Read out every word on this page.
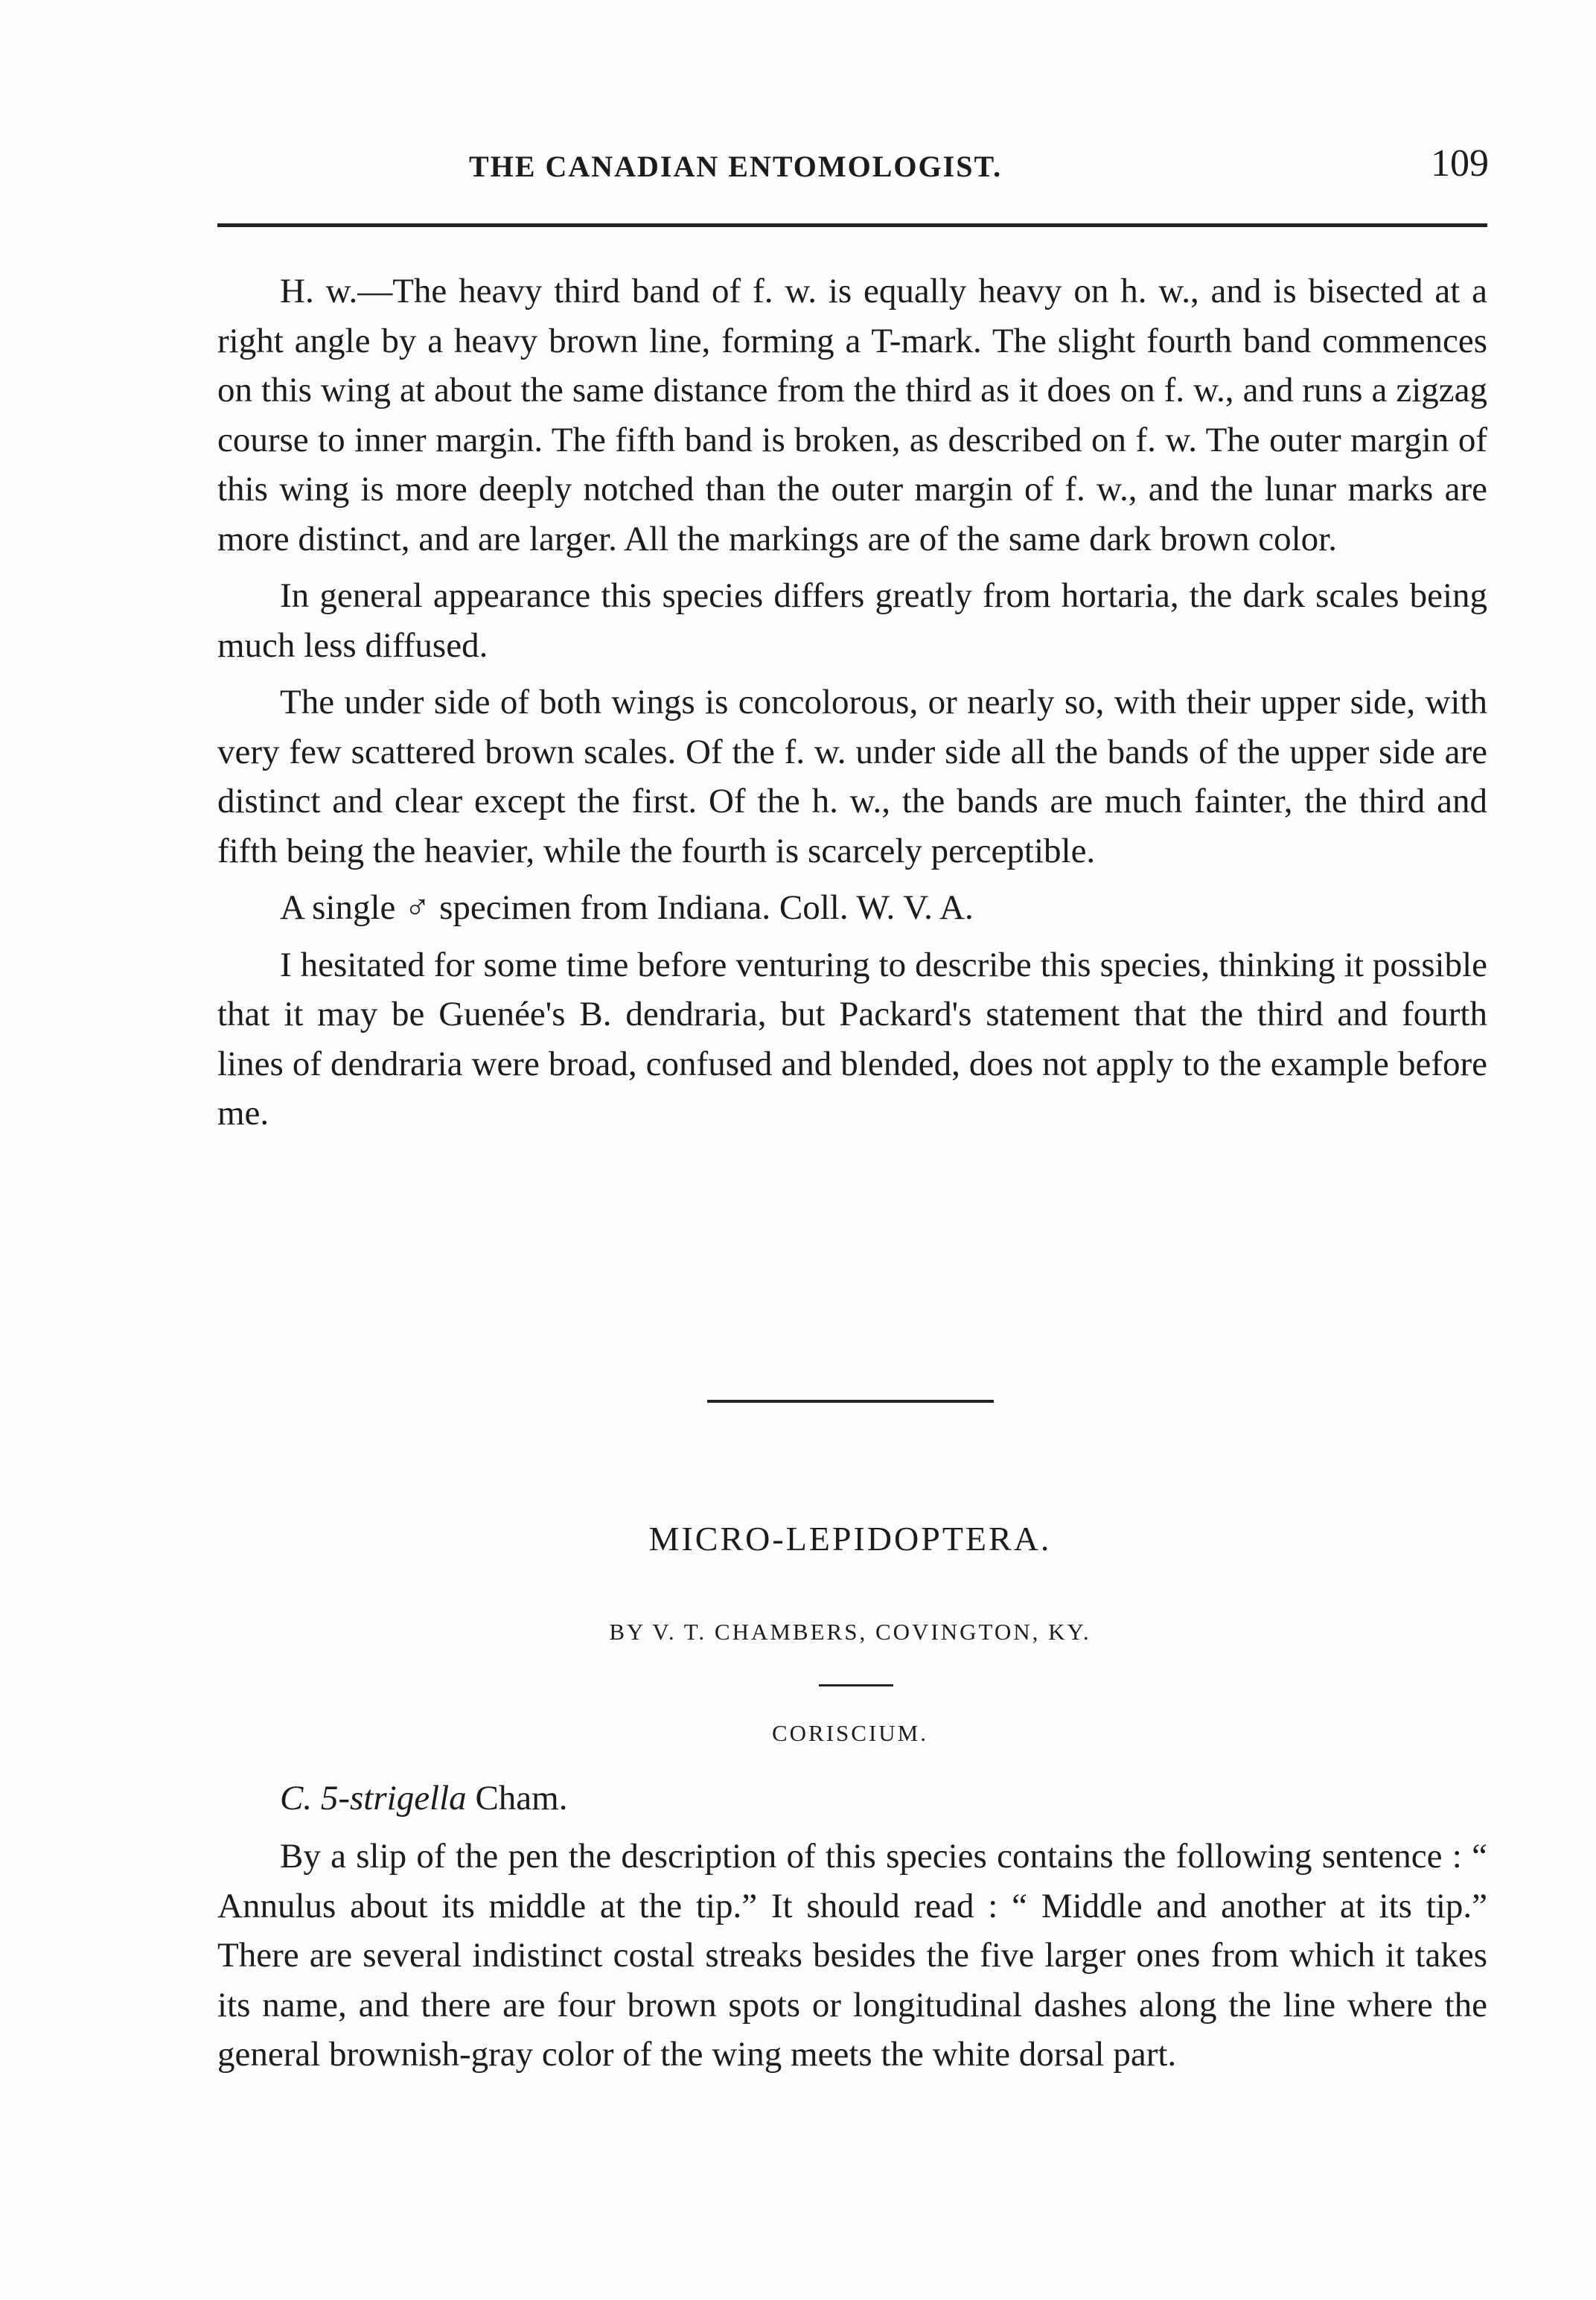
THE CANADIAN ENTOMOLOGIST.	109

H. w.—The heavy third band of f. w. is equally heavy on h. w., and is bisected at a right angle by a heavy brown line, forming a T-mark. The slight fourth band commences on this wing at about the same distance from the third as it does on f. w., and runs a zigzag course to inner margin. The fifth band is broken, as described on f. w. The outer margin of this wing is more deeply notched than the outer margin of f. w., and the lunar marks are more distinct, and are larger. All the markings are of the same dark brown color.

In general appearance this species differs greatly from hortaria, the dark scales being much less diffused.

The under side of both wings is concolorous, or nearly so, with their upper side, with very few scattered brown scales. Of the f. w. under side all the bands of the upper side are distinct and clear except the first. Of the h. w., the bands are much fainter, the third and fifth being the heavier, while the fourth is scarcely perceptible.

A single ♂ specimen from Indiana. Coll. W. V. A.

I hesitated for some time before venturing to describe this species, thinking it possible that it may be Guenée's B. dendraria, but Packard's statement that the third and fourth lines of dendraria were broad, confused and blended, does not apply to the example before me.

MICRO-LEPIDOPTERA.
BY V. T. CHAMBERS, COVINGTON, KY.
CORISCIUM.
C. 5-strigella Cham.

By a slip of the pen the description of this species contains the following sentence : “ Annulus about its middle at the tip.” It should read : “ Middle and another at its tip.” There are several indistinct costal streaks besides the five larger ones from which it takes its name, and there are four brown spots or longitudinal dashes along the line where the general brownish-gray color of the wing meets the white dorsal part.
